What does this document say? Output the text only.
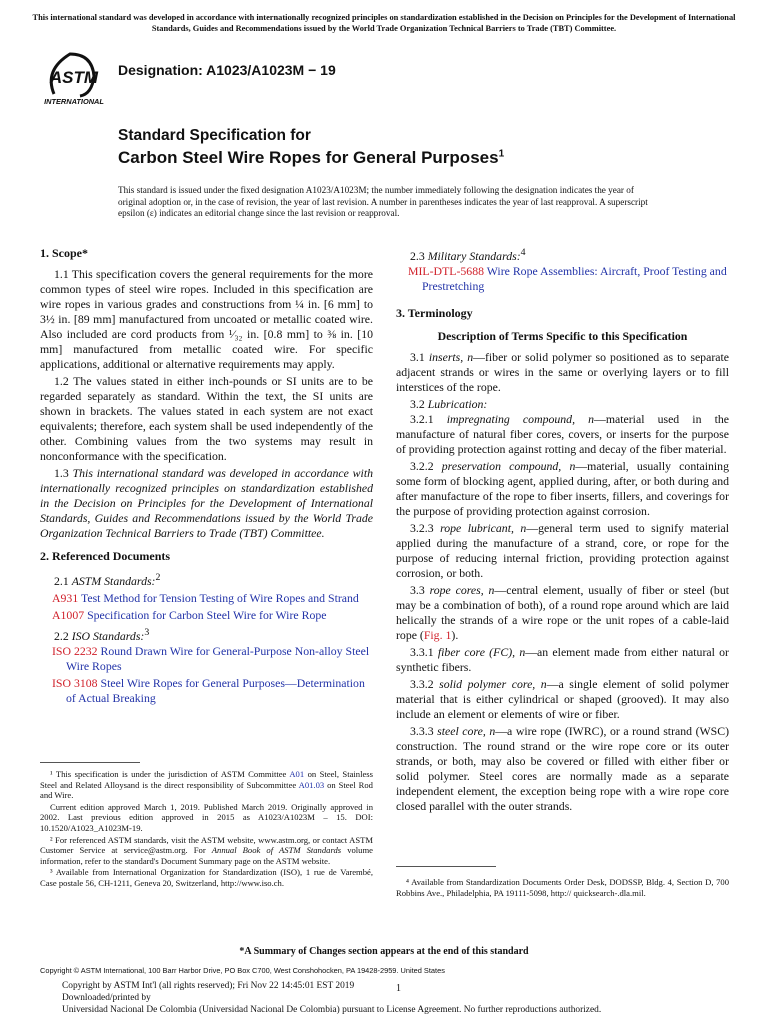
This international standard was developed in accordance with internationally recognized principles on standardization established in the Decision on Principles for the Development of International Standards, Guides and Recommendations issued by the World Trade Organization Technical Barriers to Trade (TBT) Committee.
ASTM
INTERNATIONAL
Designation: A1023/A1023M − 19
Standard Specification for
Carbon Steel Wire Ropes for General Purposes$^1$
This standard is issued under the fixed designation A1023/A1023M; the number immediately following the designation indicates the year of original adoption or, in the case of revision, the year of last revision. A number in parentheses indicates the year of last reapproval. A superscript epsilon (ε) indicates an editorial change since the last revision or reapproval.
1. Scope*

1.1 This specification covers the general requirements for the more common types of steel wire ropes. Included in this specification are wire ropes in various grades and constructions from ¼ in. [6 mm] to 3½ in. [89 mm] manufactured from uncoated or metallic coated wire. Also included are cord products from ¹⁄₃₂ in. [0.8 mm] to ⅜ in. [10 mm] manufactured from metallic coated wire. For specific applications, additional or alternative requirements may apply.

1.2 The values stated in either inch-pounds or SI units are to be regarded separately as standard. Within the text, the SI units are shown in brackets. The values stated in each system are not exact equivalents; therefore, each system shall be used independently of the other. Combining values from the two systems may result in nonconformance with the specification.

1.3 This international standard was developed in accordance with internationally recognized principles on standardization established in the Decision on Principles for the Development of International Standards, Guides and Recommendations issued by the World Trade Organization Technical Barriers to Trade (TBT) Committee.

2. Referenced Documents

2.1 ASTM Standards:$^2$

A931 Test Method for Tension Testing of Wire Ropes and Strand

A1007 Specification for Carbon Steel Wire for Wire Rope

2.2 ISO Standards:$^3$

ISO 2232 Round Drawn Wire for General-Purpose Non-alloy Steel Wire Ropes

ISO 3108 Steel Wire Ropes for General Purposes—Determination of Actual Breaking

¹ This specification is under the jurisdiction of ASTM Committee A01 on Steel, Stainless Steel and Related Alloysand is the direct responsibility of Subcommittee A01.03 on Steel Rod and Wire.

Current edition approved March 1, 2019. Published March 2019. Originally approved in 2002. Last previous edition approved in 2015 as A1023/A1023M – 15. DOI: 10.1520/A1023_A1023M-19.

² For referenced ASTM standards, visit the ASTM website, www.astm.org, or contact ASTM Customer Service at service@astm.org. For Annual Book of ASTM Standards volume information, refer to the standard's Document Summary page on the ASTM website.

³ Available from International Organization for Standardization (ISO), 1 rue de Varembé, Case postale 56, CH-1211, Geneva 20, Switzerland, http://www.iso.ch.

2.3 Military Standards:$^4$

MIL-DTL-5688 Wire Rope Assemblies: Aircraft, Proof Testing and Prestretching

3. Terminology
Description of Terms Specific to this Specification

3.1 inserts, n—fiber or solid polymer so positioned as to separate adjacent strands or wires in the same or overlying layers or to fill interstices of the rope.

3.2 Lubrication:

3.2.1 impregnating compound, n—material used in the manufacture of natural fiber cores, covers, or inserts for the purpose of providing protection against rotting and decay of the fiber material.

3.2.2 preservation compound, n—material, usually containing some form of blocking agent, applied during, after, or both during and after manufacture of the rope to fiber inserts, fillers, and coverings for the purpose of providing protection against corrosion.

3.2.3 rope lubricant, n—general term used to signify material applied during the manufacture of a strand, core, or rope for the purpose of reducing internal friction, providing protection against corrosion, or both.

3.3 rope cores, n—central element, usually of fiber or steel (but may be a combination of both), of a round rope around which are laid helically the strands of a wire rope or the unit ropes of a cable-laid rope (Fig. 1).

3.3.1 fiber core (FC), n—an element made from either natural or synthetic fibers.

3.3.2 solid polymer core, n—a single element of solid polymer material that is either cylindrical or shaped (grooved). It may also include an element or elements of wire or fiber.

3.3.3 steel core, n—a wire rope (IWRC), or a round strand (WSC) construction. The round strand or the wire rope core or its outer strands, or both, may also be covered or filled with either fiber or solid polymer. Steel cores are normally made as a separate independent element, the exception being rope with a wire rope core closed parallel with the outer strands.

⁴ Available from Standardization Documents Order Desk, DODSSP, Bldg. 4, Section D, 700 Robbins Ave., Philadelphia, PA 19111-5098, http:// quicksearch-.dla.mil.

*A Summary of Changes section appears at the end of this standard
Copyright © ASTM International, 100 Barr Harbor Drive, PO Box C700, West Conshohocken, PA 19428-2959. United States
Copyright by ASTM Int'l (all rights reserved); Fri Nov 22 14:45:01 EST 2019
Downloaded/printed by
Universidad Nacional De Colombia (Universidad Nacional De Colombia) pursuant to License Agreement. No further reproductions authorized.
1
